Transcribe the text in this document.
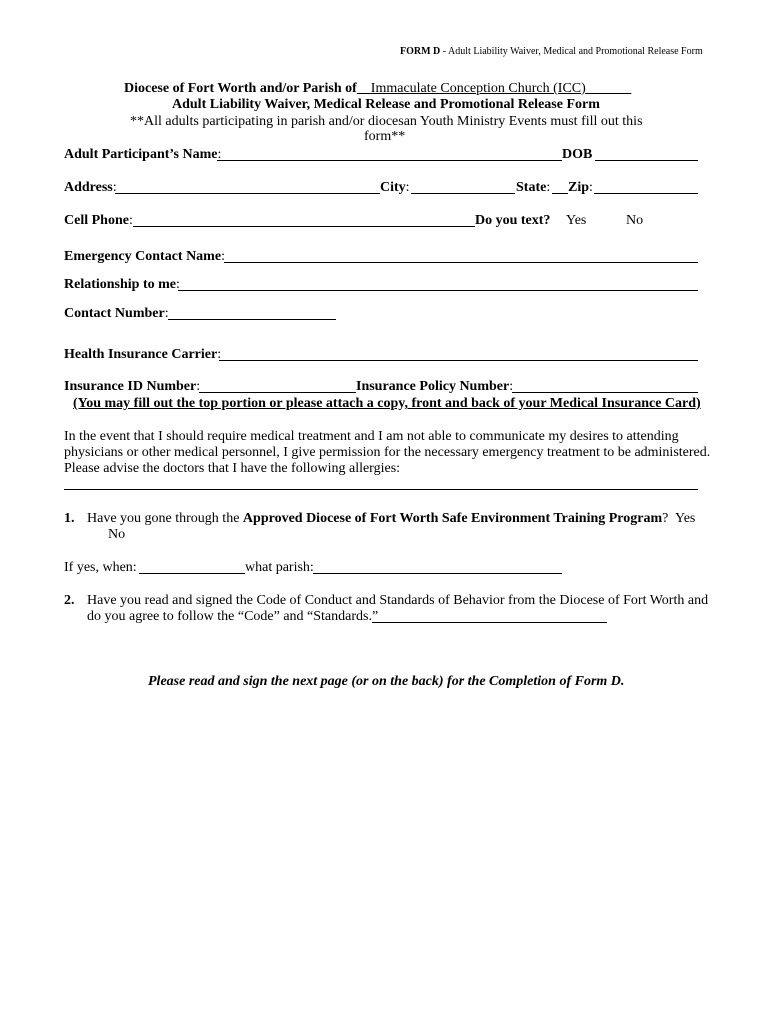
FORM D - Adult Liability Waiver, Medical and Promotional Release Form
Diocese of Fort Worth and/or Parish of Immaculate Conception Church (ICC)
Adult Liability Waiver, Medical Release and Promotional Release Form
**All adults participating in parish and/or diocesan Youth Ministry Events must fill out this
form**
Adult Participant’s Name:	DOB
Address:	City:	State: Zip:
Cell Phone:	Do you text? Yes	No
Emergency Contact Name:
Relationship to me:
Contact Number:
Health Insurance Carrier:
Insurance ID Number:	Insurance Policy Number:
(You may fill out the top portion or please attach a copy, front and back of your Medical Insurance Card)
In the event that I should require medical treatment and I am not able to communicate my desires to attending
physicians or other medical personnel, I give permission for the necessary emergency treatment to be administered.
Please advise the doctors that I have the following allergies:
1. Have you gone through the Approved Diocese of Fort Worth Safe Environment Training Program? Yes
No
If yes, when:	what parish:
2. Have you read and signed the Code of Conduct and Standards of Behavior from the Diocese of Fort Worth and
do you agree to follow the “Code” and “Standards.”
Please read and sign the next page (or on the back) for the Completion of Form D.
